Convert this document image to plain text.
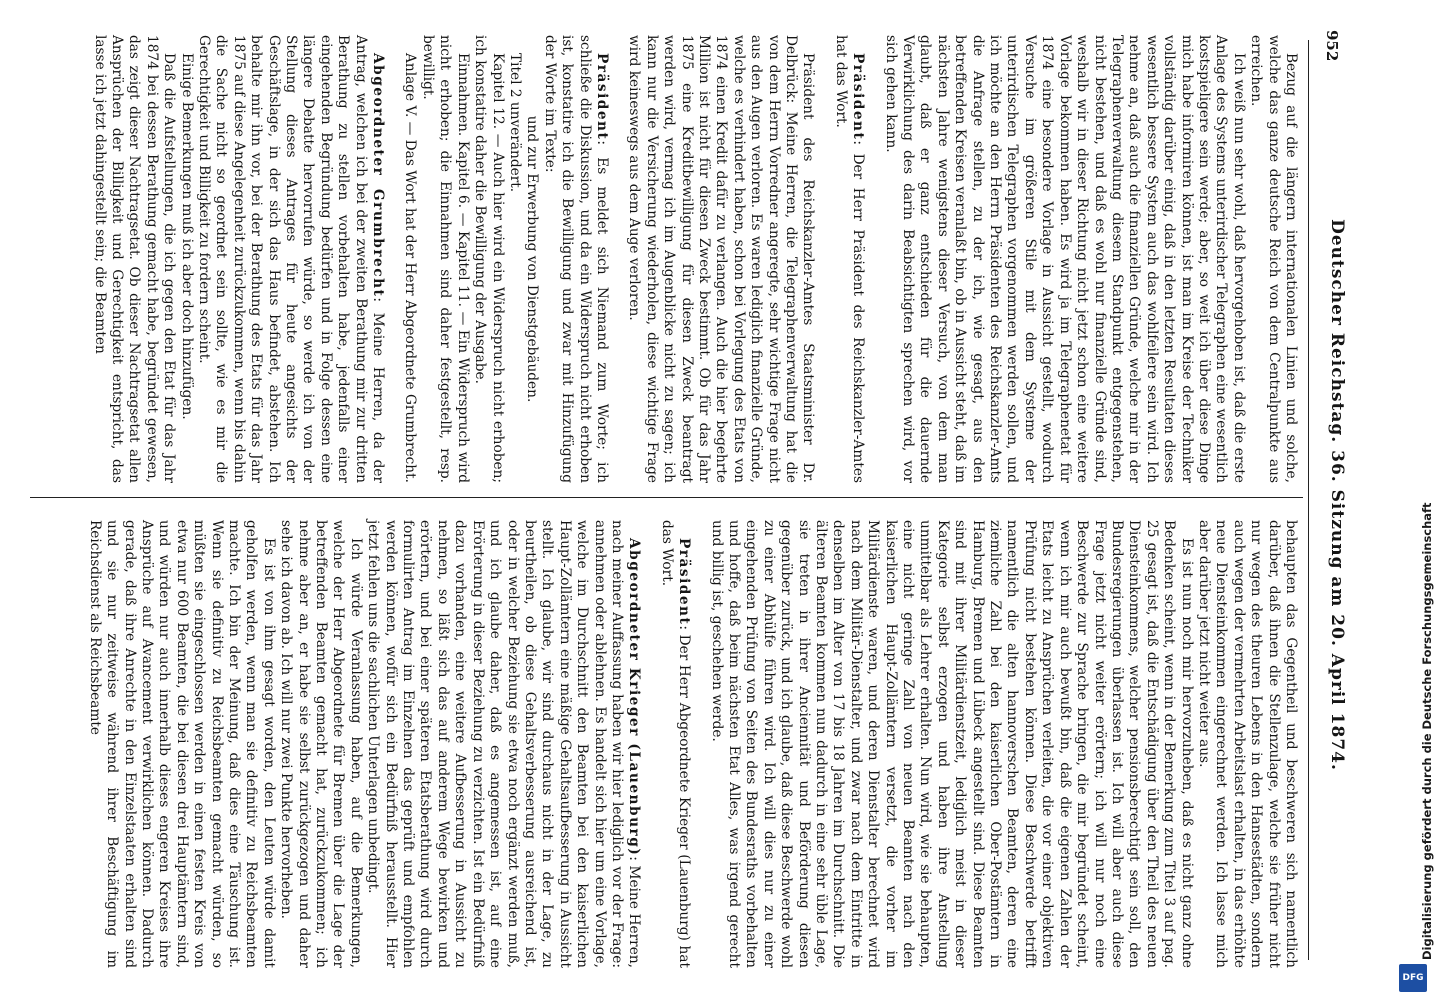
952
Deutscher Reichstag. 36. Sitzung am 20. April 1874.

Bezug auf die längern internationalen Linien und solche, welche das ganze deutsche Reich von dem Centralpunkte aus erreichen.

Ich weiß nun sehr wohl, daß hervorgehoben ist, daß die erste Anlage des Systems unterirdischer Telegraphen eine wesentlich kostspieligere sein werde; aber, so weit ich über diese Dinge mich habe informiren können, ist man im Kreise der Techniker vollständig darüber einig, daß in den letzten Resultaten dieses wesentlich bessere System auch das wohlfeilere sein wird. Ich nehme an, daß auch die finanziellen Gründe, welche mir in der Telegraphenverwaltung diesem Standpunkt entgegenstehen, nicht bestehen, und daß es wohl nur finanzielle Gründe sind, weshalb wir in dieser Richtung nicht jetzt schon eine weitere Vorlage bekommen haben. Es wird ja im Telegraphenetat für 1874 eine besondere Vorlage in Aussicht gestellt, wodurch Versuche im größeren Stile mit dem Systeme der unterirdischen Telegraphen vorgenommen werden sollen, und ich möchte an den Herrn Präsidenten des Reichskanzler-Amts die Anfrage stellen, zu der ich, wie gesagt, aus den betreffenden Kreisen veranlaßt bin, ob in Aussicht steht, daß im nächsten Jahre wenigstens dieser Versuch, von dem man glaubt, daß er ganz entschieden für die dauernde Verwirklichung des darin Beabsichtigten sprechen wird, vor sich gehen kann.

Präsident: Der Herr Präsident des Reichskanzler-Amtes hat das Wort.

Präsident des Reichskanzler-Amtes Staatsminister Dr. Delbrück: Meine Herren, die Telegraphenverwaltung hat die von dem Herrn Vorredner angeregte, sehr wichtige Frage nicht aus den Augen verloren. Es waren lediglich finanzielle Gründe, welche es verhindert haben, schon bei Vorlegung des Etats von 1874 einen Kredit dafür zu verlangen. Auch die hier begehrte Million ist nicht für diesen Zweck bestimmt. Ob für das Jahr 1875 eine Kreditbewilligung für diesen Zweck beantragt werden wird, vermag ich im Augenblicke nicht zu sagen; ich kann nur die Versicherung wiederholen, diese wichtige Frage wird keineswegs aus dem Auge verloren.

Präsident: Es meldet sich Niemand zum Worte; ich schließe die Diskussion, und da ein Widerspruch nicht erhoben ist, konstatire ich die Bewilligung und zwar mit Hinzufügung der Worte im Texte:

und zur Erwerbung von Dienstgebäuden.

Titel 2 unverändert.

Kapitel 12. — Auch hier wird ein Widerspruch nicht erhoben; ich konstatire daher die Bewilligung der Ausgabe.

Einnahmen. Kapitel 6. — Kapitel 11. — Ein Widerspruch wird nicht erhoben; die Einnahmen sind daher festgestellt, resp. bewilligt.

Anlage V. — Das Wort hat der Herr Abgeordnete Grumbrecht.

Abgeordneter Grumbrecht: Meine Herren, da der Antrag, welchen ich bei der zweiten Berathung mir zur dritten Berathung zu stellen vorbehalten habe, jedenfalls einer eingehenden Begründung bedürfen und in Folge dessen eine längere Debatte hervorrufen würde, so werde ich von der Stellung dieses Antrages für heute angesichts der Geschäftslage, in der sich das Haus befindet, abstehen. Ich behalte mir ihn vor, bei der Berathung des Etats für das Jahr 1875 auf diese Angelegenheit zurückzukommen, wenn bis dahin die Sache nicht so geordnet sein sollte, wie es mir die Gerechtigkeit und Billigkeit zu fordern scheint.

Einige Bemerkungen muß ich aber doch hinzufügen.

Daß die Aufstellungen, die ich gegen den Etat für das Jahr 1874 bei dessen Berathung gemacht habe, begründet gewesen, das zeigt dieser Nachtragsetat. Ob dieser Nachtragsetat allen Ansprüchen der Billigkeit und Gerechtigkeit entspricht, das lasse ich jetzt dahingestellt sein; die Beamten

behaupten das Gegentheil und beschweren sich namentlich darüber, daß ihnen die Stellenzulage, welche sie früher nicht nur wegen des theuren Lebens in den Hansestädten, sondern auch wegen der vermehrten Arbeitslast erhalten, in das erhöhte neue Diensteinkommen eingerechnet werden. Ich lasse mich aber darüber jetzt nicht weiter aus.

Es ist nun noch mir hervorzuheben, daß es nicht ganz ohne Bedenken scheint, wenn in der Bemerkung zum Titel 3 auf pag. 25 gesagt ist, daß die Entschädigung über den Theil des neuen Diensteinkommens, welcher pensionsberechtigt sein soll, den Bundesregierungen überlassen ist. Ich will aber auch diese Frage jetzt nicht weiter erörtern; ich will nur noch eine Beschwerde zur Sprache bringen, die mir begründet scheint, wenn ich mir auch bewußt bin, daß die eigenen Zahlen der Etats leicht zu Ansprüchen verleiten, die vor einer objektiven Prüfung nicht bestehen können. Diese Beschwerde betrifft namentlich die alten hannoverschen Beamten, deren eine ziemliche Zahl bei den kaiserlichen Ober-Postämtern in Hamburg, Bremen und Lübeck angestellt sind. Diese Beamten sind mit ihrer Militärdienstzeit, lediglich meist in dieser Kategorie selbst erzogen und haben ihre Anstellung unmittelbar als Lehrer erhalten. Nun wird, wie sie behaupten, eine nicht geringe Zahl von neuen Beamten nach den kaiserlichen Haupt-Zollämtern versetzt, die vorher im Militärdienste waren, und deren Dienstalter berechnet wird nach dem Militär-Dienstalter, und zwar nach dem Eintritte in denselben im Alter von 17 bis 18 Jahren im Durchschnitt. Die älteren Beamten kommen nun dadurch in eine sehr üble Lage, sie treten in ihrer Anciennität und Beförderung diesen gegenüber zurück, und ich glaube, daß diese Beschwerde wohl zu einer Abhülfe führen wird. Ich will dies nur zu einer eingehenden Prüfung von Seiten des Bundesraths vorbehalten und hoffe, daß beim nächsten Etat Alles, was irgend gerecht und billig ist, geschehen werde.

Präsident: Der Herr Abgeordnete Krieger (Lauenburg) hat das Wort.

Abgeordneter Krieger (Lauenburg): Meine Herren, nach meiner Auffassung haben wir hier lediglich vor der Frage: annehmen oder ablehnen. Es handelt sich hier um eine Vorlage, welche im Durchschnitt den Beamten bei den kaiserlichen Haupt-Zollämtern eine mäßige Gehaltsaufbesserung in Aussicht stellt. Ich glaube, wir sind durchaus nicht in der Lage, zu beurtheilen, ob diese Gehaltsverbesserung ausreichend ist, oder in welcher Beziehung sie etwa noch ergänzt werden muß, und ich glaube daher, daß es angemessen ist, auf eine Erörterung in dieser Beziehung zu verzichten. Ist ein Bedürfniß dazu vorhanden, eine weitere Aufbesserung in Aussicht zu nehmen, so läßt sich das auf anderem Wege bewirken und erörtern, und bei einer späteren Etatsberathung wird durch formulirten Antrag im Einzelnen das geprüft und empfohlen werden können, wofür sich ein Bedürfniß herausstellt. Hier jetzt fehlen uns die sachlichen Unterlagen unbedingt.

Ich würde Veranlassung haben, auf die Bemerkungen, welche der Herr Abgeordnete für Bremen über die Lage der betreffenden Beamten gemacht hat, zurückzukommen; ich nehme aber an, er habe sie selbst zurückgezogen und daher sehe ich davon ab. Ich will nur zwei Punkte hervorheben.

Es ist von ihm gesagt worden, den Leuten würde damit geholfen werden, wenn man sie definitiv zu Reichsbeamten machte. Ich bin der Meinung, daß dies eine Täuschung ist. Wenn sie definitiv zu Reichsbeamten gemacht würden, so müßten sie eingeschlossen werden in einen festen Kreis von etwa nur 600 Beamten, die bei diesen drei Hauptämtern sind, und würden nur auch innerhalb dieses engeren Kreises ihre Ansprüche auf Avancement verwirklichen können. Dadurch gerade, daß ihre Anrechte in den Einzelstaaten erhalten sind und sie nur zeitweise während ihrer Beschäftigung im Reichsdienst als Reichsbeamte	Digitalisierung gefördert durch die Deutsche Forschungsgemeinschaft
DFG
